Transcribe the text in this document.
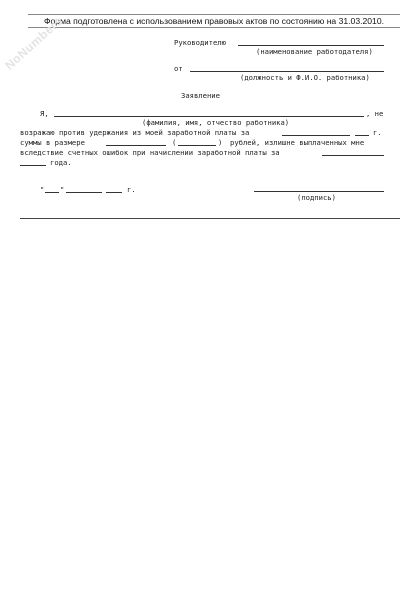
Форма подготовлена с использованием правовых актов по состоянию на 31.03.2010.
NoNumbers	Руководителю
(наименование работодателя)
от
(должность и Ф.И.О. работника)
Заявление
Я,	, не
(фамилия, имя, отчество работника)
возражаю против удержания из моей заработной платы за	г.
суммы в размере	(	) рублей, излишне выплаченных мне
вследствие счетных ошибок при начислении заработной платы за
года.
" "	г.
(подпись)
